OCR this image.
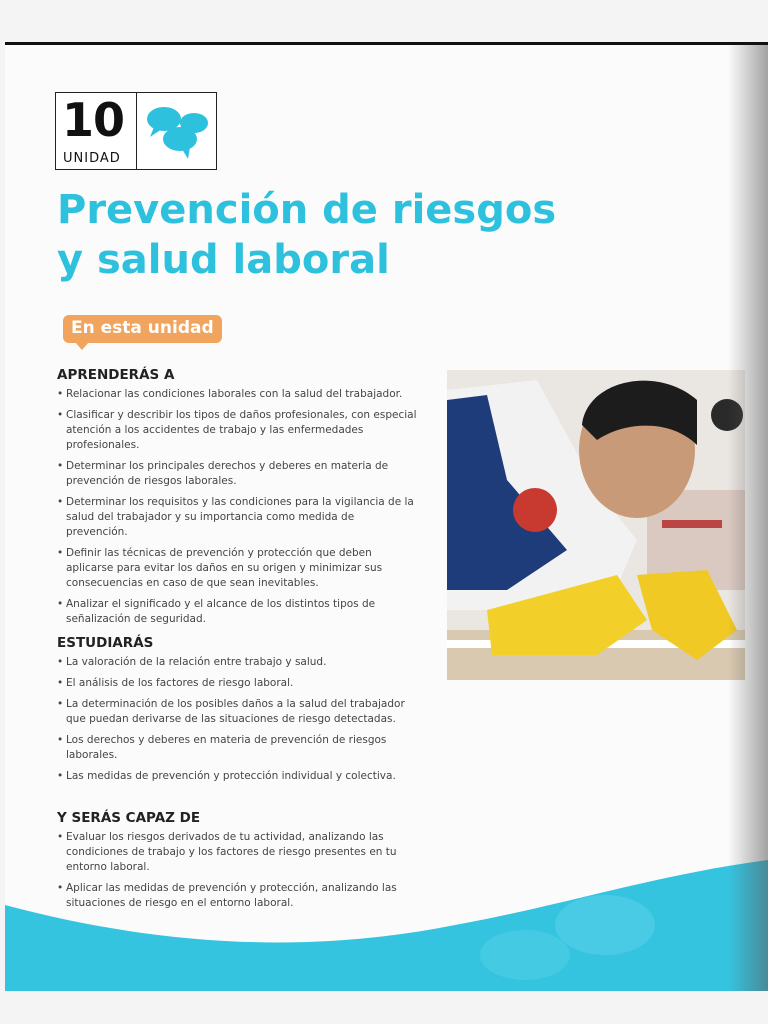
10
UNIDAD
Prevención de riesgos
y salud laboral
En esta unidad
APRENDERÁS A
• Relacionar las condiciones laborales con la salud del trabajador.
• Clasificar y describir los tipos de daños profesionales, con especial atención a los accidentes de trabajo y las enfermedades profesionales.
• Determinar los principales derechos y deberes en materia de prevención de riesgos laborales.
• Determinar los requisitos y las condiciones para la vigilancia de la salud del trabajador y su importancia como medida de prevención.
• Definir las técnicas de prevención y protección que deben aplicarse para evitar los daños en su origen y minimizar sus consecuencias en caso de que sean inevitables.
• Analizar el significado y el alcance de los distintos tipos de señalización de seguridad.
ESTUDIARÁS
• La valoración de la relación entre trabajo y salud.
• El análisis de los factores de riesgo laboral.
• La determinación de los posibles daños a la salud del trabajador que puedan derivarse de las situaciones de riesgo detectadas.
• Los derechos y deberes en materia de prevención de riesgos laborales.
• Las medidas de prevención y protección individual y colectiva.
Y SERÁS CAPAZ DE
• Evaluar los riesgos derivados de tu actividad, analizando las condiciones de trabajo y los factores de riesgo presentes en tu entorno laboral.
• Aplicar las medidas de prevención y protección, analizando las situaciones de riesgo en el entorno laboral.
